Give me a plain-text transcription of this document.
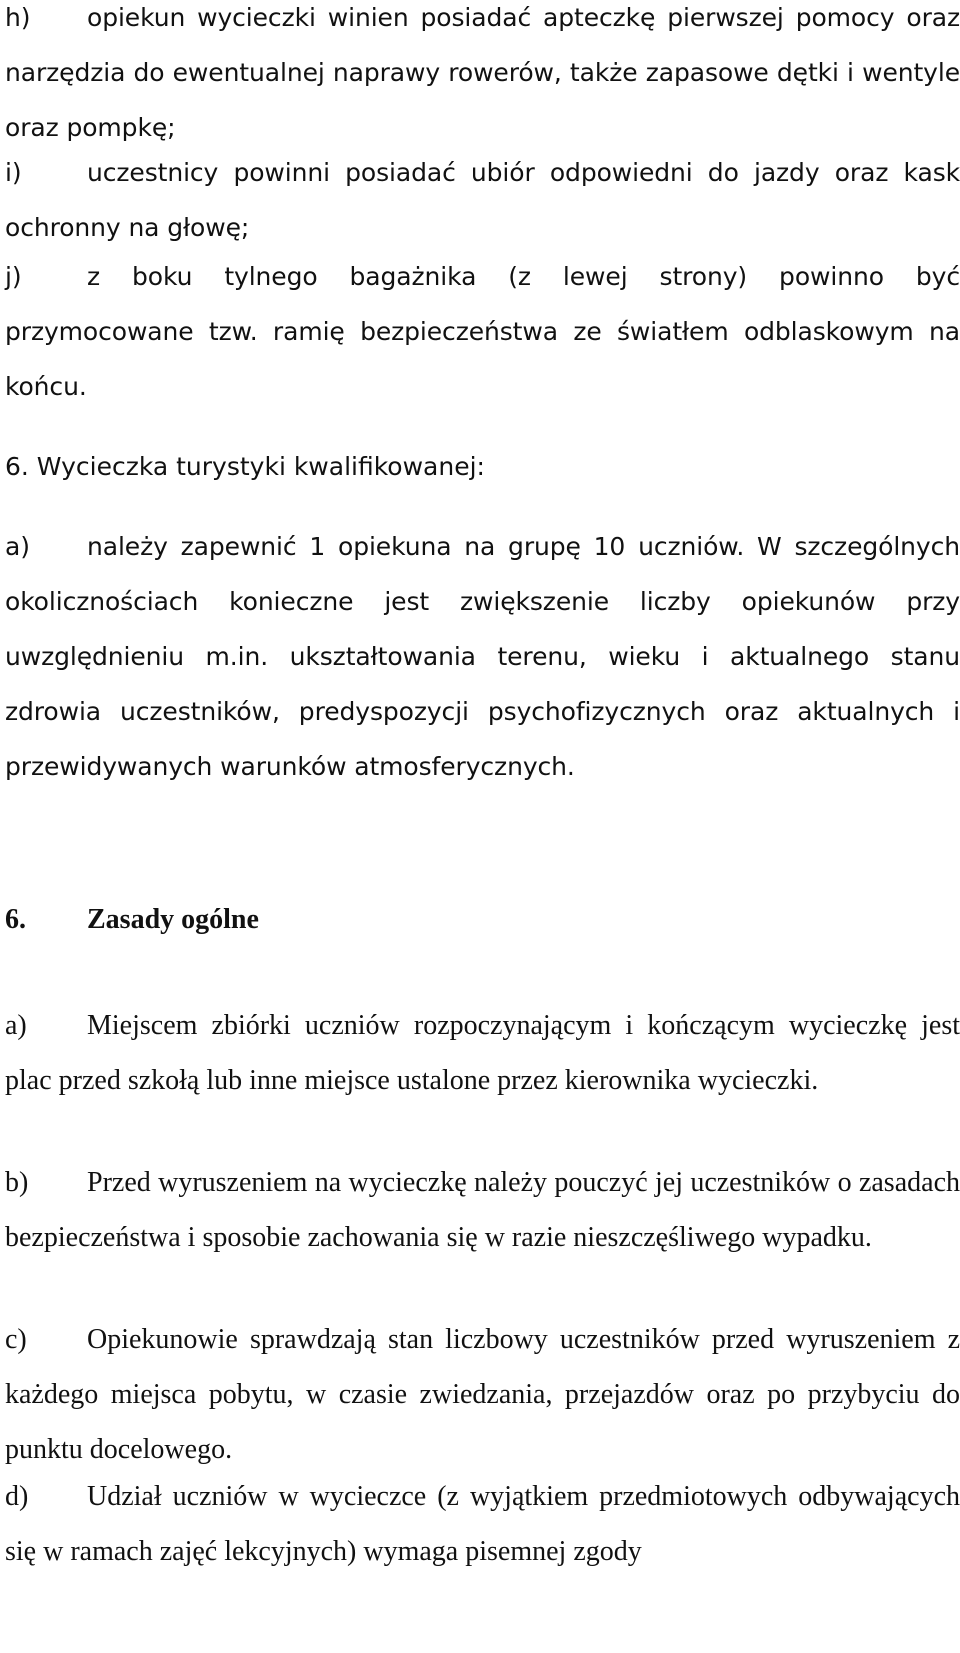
h) opiekun wycieczki winien posiadać apteczkę pierwszej pomocy oraz narzędzia do ewentualnej naprawy rowerów, także zapasowe dętki i wentyle oraz pompkę;
i)	uczestnicy powinni posiadać ubiór odpowiedni do jazdy oraz kask ochronny na głowę;
j)	z boku tylnego bagażnika (z lewej strony) powinno być przymocowane tzw. ramię bezpieczeństwa ze światłem odblaskowym na końcu.
6. Wycieczka turystyki kwalifikowanej:
a) należy zapewnić 1 opiekuna na grupę 10 uczniów. W szczególnych okolicznościach konieczne jest zwiększenie liczby opiekunów przy uwzględnieniu m.in. ukształtowania terenu, wieku i aktualnego stanu zdrowia uczestników, predyspozycji psychofizycznych oraz aktualnych i przewidywanych warunków atmosferycznych.
6. Zasady ogólne
a) Miejscem zbiórki uczniów rozpoczynającym i kończącym wycieczkę jest plac przed szkołą lub inne miejsce ustalone przez kierownika wycieczki.
b) Przed wyruszeniem na wycieczkę należy pouczyć jej uczestników o zasadach bezpieczeństwa i sposobie zachowania się w razie nieszczęśliwego wypadku.
c) Opiekunowie sprawdzają stan liczbowy uczestników przed wyruszeniem z każdego miejsca pobytu, w czasie zwiedzania, przejazdów oraz po przybyciu do punktu docelowego.
d) Udział uczniów w wycieczce (z wyjątkiem przedmiotowych odbywających się w ramach zajęć lekcyjnych) wymaga pisemnej zgody
